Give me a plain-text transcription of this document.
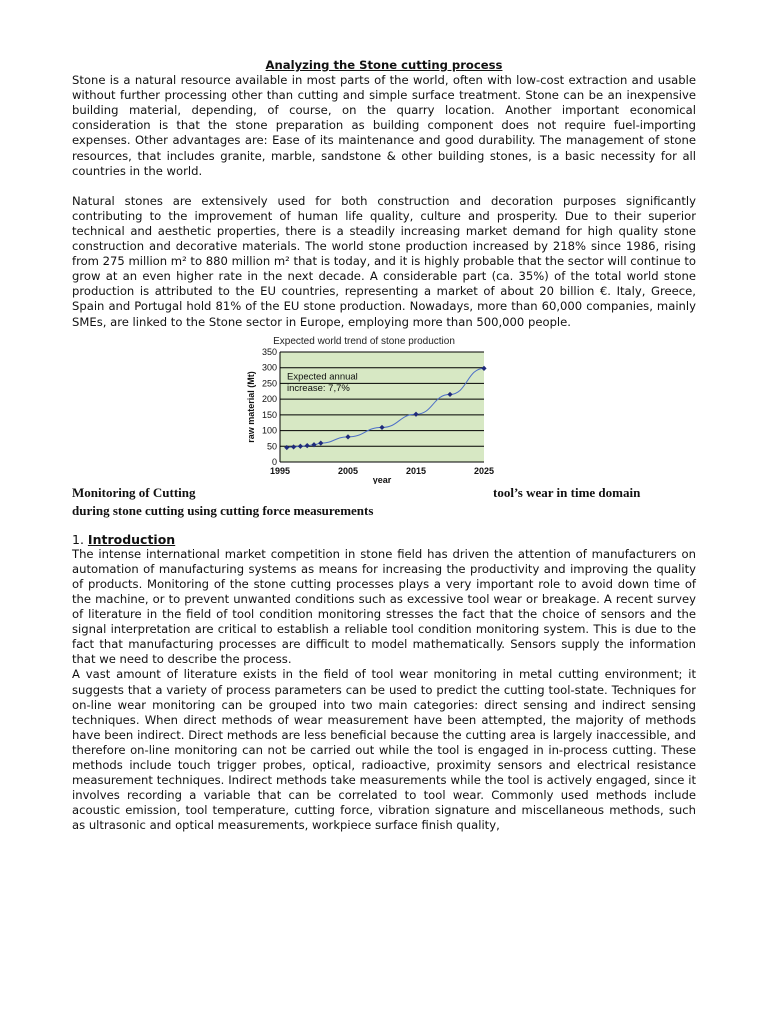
Analyzing the Stone cutting process

Stone is a natural resource available in most parts of the world, often with low-cost extraction and usable without further processing other than cutting and simple surface treatment. Stone can be an inexpensive building material, depending, of course, on the quarry location. Another important economical consideration is that the stone preparation as building component does not require fuel-importing expenses. Other advantages are: Ease of its maintenance and good durability. The management of stone resources, that includes granite, marble, sandstone & other building stones, is a basic necessity for all countries in the world.

Natural stones are extensively used for both construction and decoration purposes significantly contributing to the improvement of human life quality, culture and prosperity. Due to their superior technical and aesthetic properties, there is a steadily increasing market demand for high quality stone construction and decorative materials. The world stone production increased by 218% since 1986, rising from 275 million m² to 880 million m² that is today, and it is highly probable that the sector will continue to grow at an even higher rate in the next decade. A considerable part (ca. 35%) of the total world stone production is attributed to the EU countries, representing a market of about 20 billion €. Italy, Greece, Spain and Portugal hold 81% of the EU stone production. Nowadays, more than 60,000 companies, mainly SMEs, are linked to the Stone sector in Europe, employing more than 500,000 people.

Expected world trend of stone production
0
50
100
150
200
250
300
350
1995	2005	2015	2025
Expected annual
increase: 7,7%
raw material (Mt)
year
Monitoring of Cutting	tool’s wear in time domain
during stone cutting using cutting force measurements
1. Introduction

The intense international market competition in stone field has driven the attention of manufacturers on automation of manufacturing systems as means for increasing the productivity and improving the quality of products. Monitoring of the stone cutting processes plays a very important role to avoid down time of the machine, or to prevent unwanted conditions such as excessive tool wear or breakage. A recent survey of literature in the field of tool condition monitoring stresses the fact that the choice of sensors and the signal interpretation are critical to establish a reliable tool condition monitoring system. This is due to the fact that manufacturing processes are difficult to model mathematically. Sensors supply the information that we need to describe the process.

A vast amount of literature exists in the field of tool wear monitoring in metal cutting environment; it suggests that a variety of process parameters can be used to predict the cutting tool-state. Techniques for on-line wear monitoring can be grouped into two main categories: direct sensing and indirect sensing techniques. When direct methods of wear measurement have been attempted, the majority of methods have been indirect. Direct methods are less beneficial because the cutting area is largely inaccessible, and therefore on-line monitoring can not be carried out while the tool is engaged in in-process cutting. These methods include touch trigger probes, optical, radioactive, proximity sensors and electrical resistance measurement techniques. Indirect methods take measurements while the tool is actively engaged, since it involves recording a variable that can be correlated to tool wear. Commonly used methods include acoustic emission, tool temperature, cutting force, vibration signature and miscellaneous methods, such as ultrasonic and optical measurements, workpiece surface finish quality,
